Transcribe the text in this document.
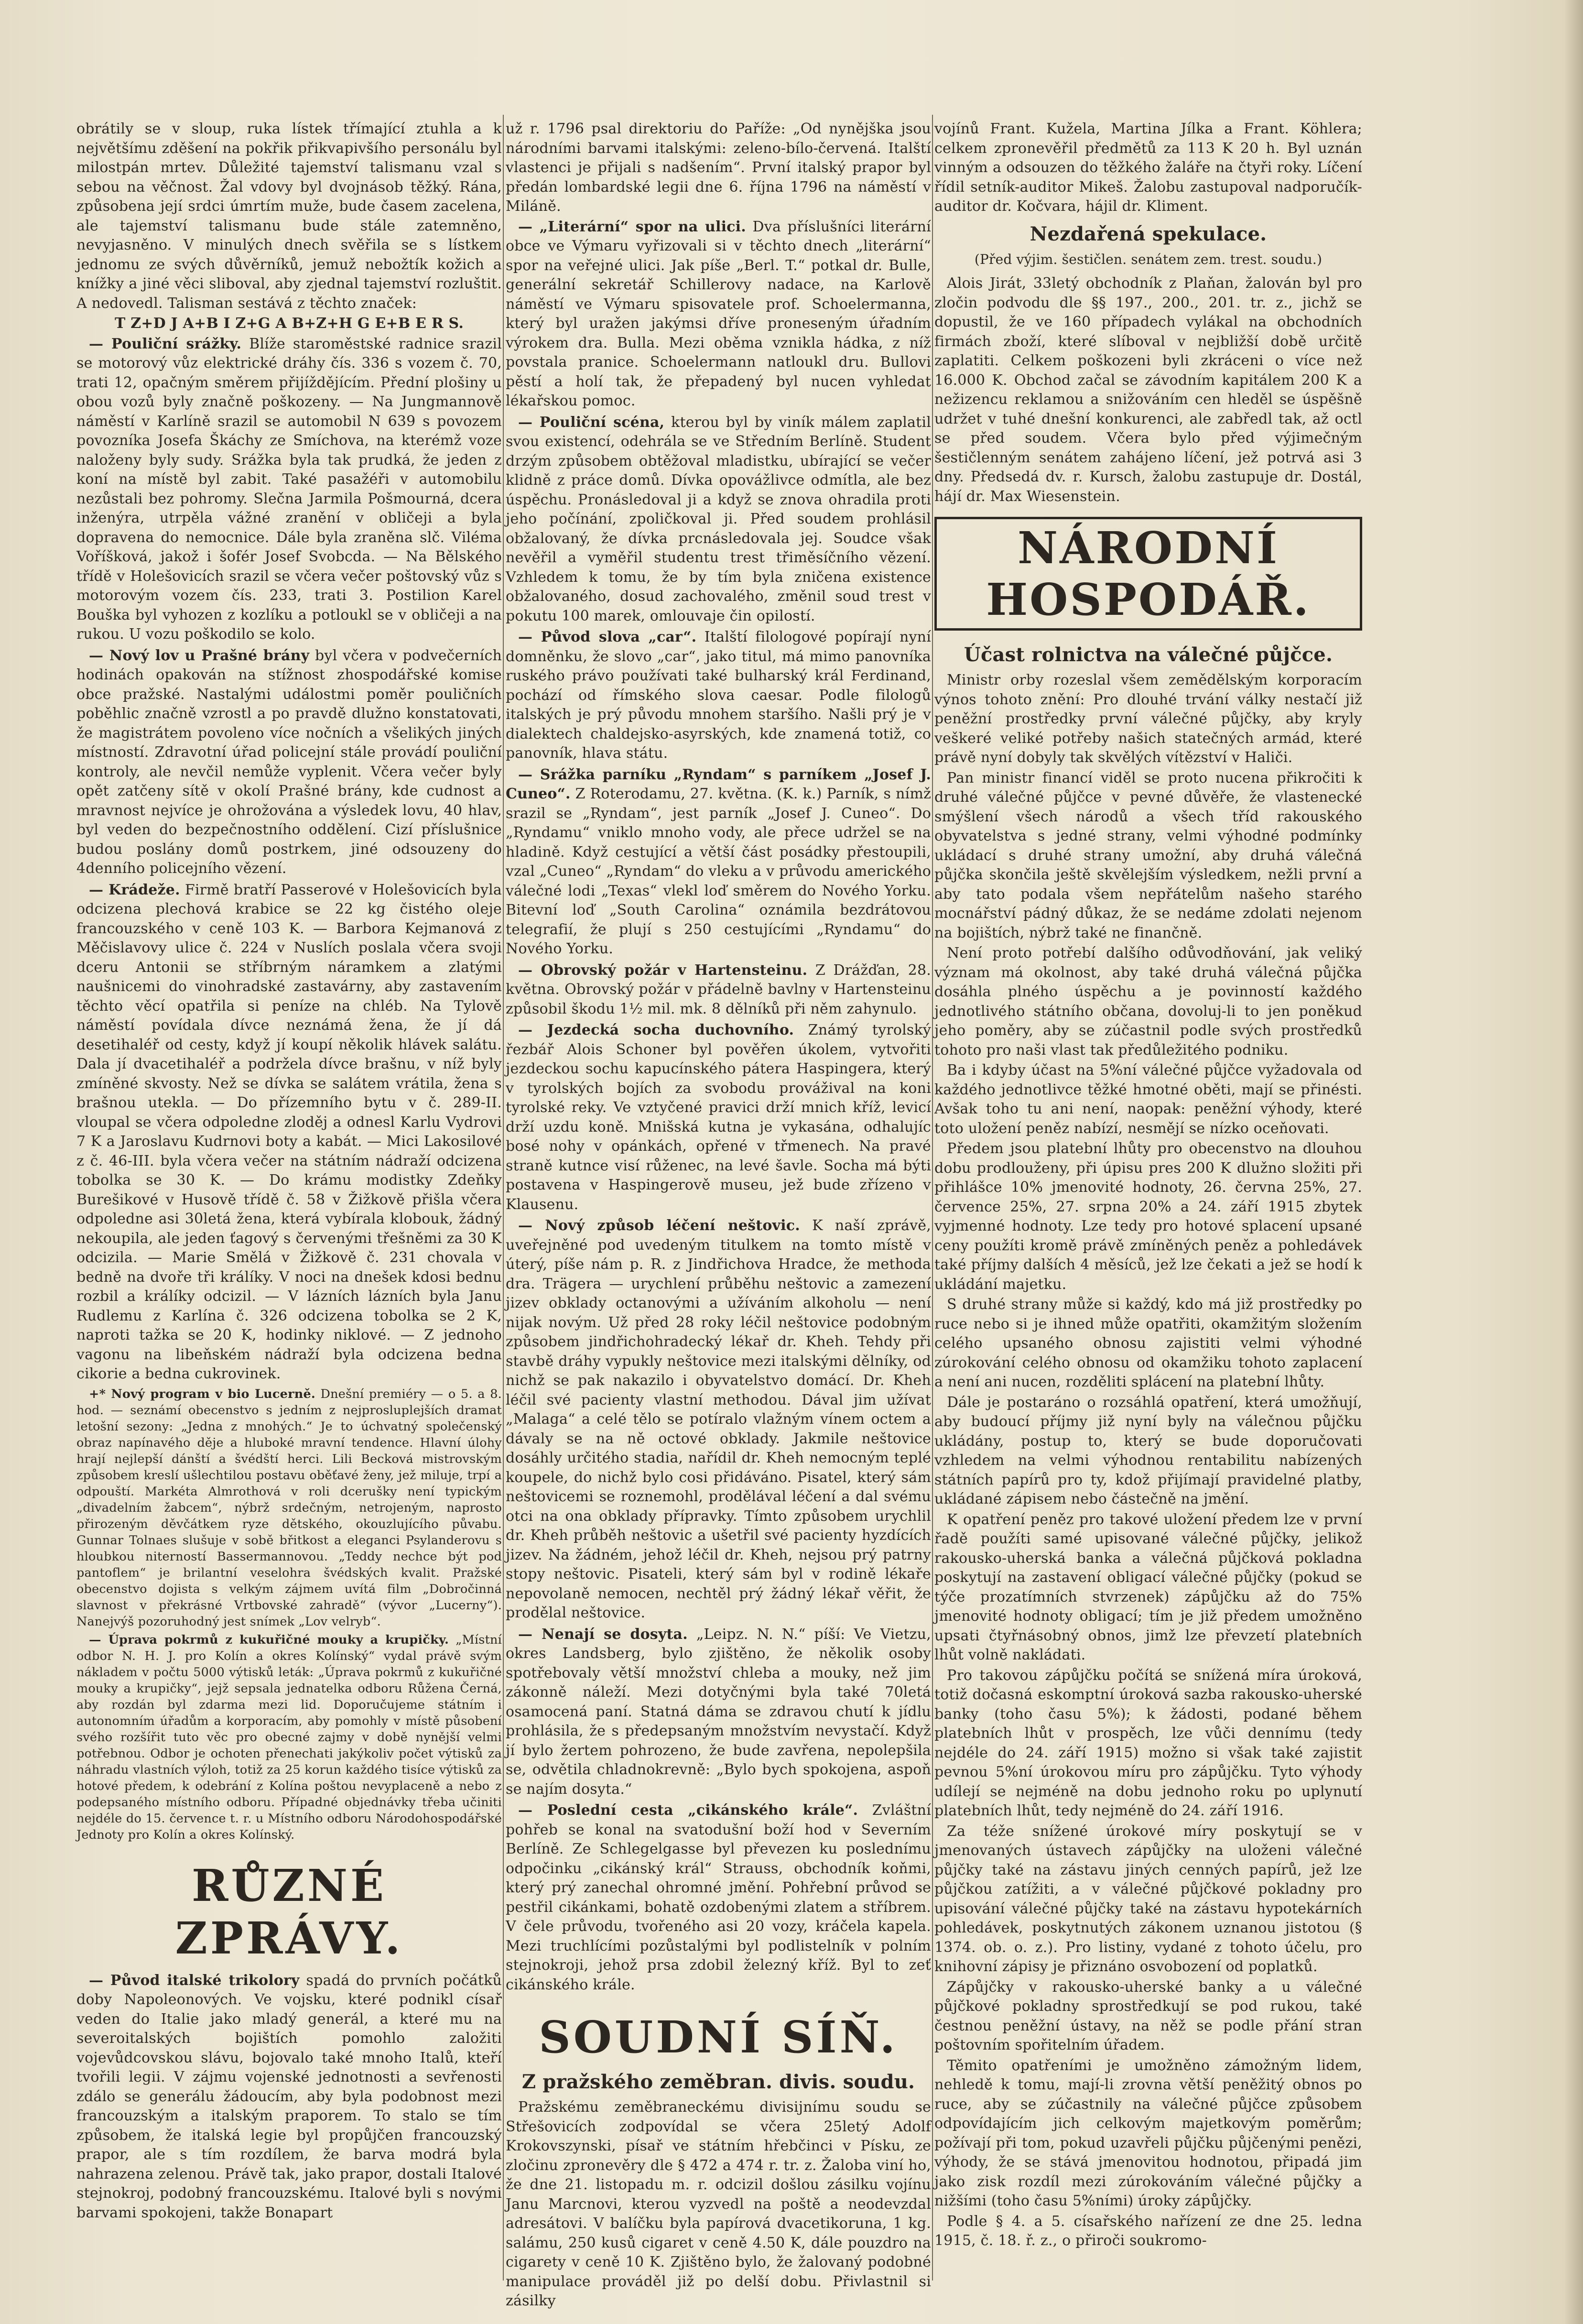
obrátily se v sloup, ruka lístek třímající ztuhla a k největšímu zděšení na pokřik přikvapivšího personálu byl milostpán mrtev. Důležité tajemství talismanu vzal s sebou na věčnost. Žal vdovy byl dvojnásob těžký. Rána, způsobena její srdci úmrtím muže, bude časem zacelena, ale tajemství talismanu bude stále zatemněno, nevyjasněno. V minulých dnech svěřila se s lístkem jednomu ze svých důvěrníků, jemuž nebožtík kožich a knížky a jiné věci sliboval, aby zjednal tajemství rozluštit. A nedovedl. Talisman sestává z těchto značek:

T Z+D J A+B I Z+G A B+Z+H G E+B E R S.

— Pouliční srážky. Blíže staroměstské radnice srazil se motorový vůz elektrické dráhy čís. 336 s vozem č. 70, trati 12, opačným směrem přijíždějícím. Přední plošiny u obou vozů byly značně poškozeny. — Na Jungmannově náměstí v Karlíně srazil se automobil N 639 s povozem povozníka Josefa Škáchy ze Smíchova, na kterémž voze naloženy byly sudy. Srážka byla tak prudká, že jeden z koní na místě byl zabit. Také pasažéři v automobilu nezůstali bez pohromy. Slečna Jarmila Pošmourná, dcera inženýra, utrpěla vážné zranění v obličeji a byla dopravena do nemocnice. Dále byla zraněna slč. Viléma Voříšková, jakož i šofér Josef Svobcda. — Na Bělského třídě v Holešovicích srazil se včera večer poštovský vůz s motorovým vozem čís. 233, trati 3. Postilion Karel Bouška byl vyhozen z kozlíku a potloukl se v obličeji a na rukou. U vozu poškodilo se kolo.

— Nový lov u Prašné brány byl včera v podvečerních hodinách opakován na stížnost zhospodářské komise obce pražské. Nastalými událostmi poměr pouličních poběhlic značně vzrostl a po pravdě dlužno konstatovati, že magistrátem povoleno více nočních a všelikých jiných místností. Zdravotní úřad policejní stále provádí pouliční kontroly, ale nevčil nemůže vyplenit. Včera večer byly opět zatčeny sítě v okolí Prašné brány, kde cudnost a mravnost nejvíce je ohrožována a výsledek lovu, 40 hlav, byl veden do bezpečnostního oddělení. Cizí příslušnice budou poslány domů postrkem, jiné odsouzeny do 4denního policejního vězení.

— Krádeže. Firmě bratří Passerové v Holešovicích byla odcizena plechová krabice se 22 kg čistého oleje francouzského v ceně 103 K. — Barbora Kejmanová z Měčislavovy ulice č. 224 v Nuslích poslala včera svoji dceru Antonii se stříbrným náramkem a zlatými naušnicemi do vinohradské zastavárny, aby zastavením těchto věcí opatřila si peníze na chléb. Na Tylově náměstí povídala dívce neznámá žena, že jí dá desetihaléř od cesty, když jí koupí několik hlávek salátu. Dala jí dvacetihaléř a podržela dívce brašnu, v níž byly zmíněné skvosty. Než se dívka se salátem vrátila, žena s brašnou utekla. — Do přízemního bytu v č. 289-II. vloupal se včera odpoledne zloděj a odnesl Karlu Vydrovi 7 K a Jaroslavu Kudrnovi boty a kabát. — Mici Lakosilové z č. 46-III. byla včera večer na státním nádraží odcizena tobolka se 30 K. — Do krámu modistky Zdeňky Burešikové v Husově třídě č. 58 v Žižkově přišla včera odpoledne asi 30letá žena, která vybírala klobouk, žádný nekoupila, ale jeden ťagový s červenými třešněmi za 30 K odcizila. — Marie Smělá v Žižkově č. 231 chovala v bedně na dvoře tři králíky. V noci na dnešek kdosi bednu rozbil a králíky odcizil. — V lázních lázních byla Janu Rudlemu z Karlína č. 326 odcizena tobolka se 2 K, naproti tažka se 20 K, hodinky niklové. — Z jednoho vagonu na libeňském nádraží byla odcizena bedna cikorie a bedna cukrovinek.

+* Nový program v bio Lucerně. Dnešní premiéry — o 5. a 8. hod. — seznámí obecenstvo s jedním z nejprosluplejších dramat letošní sezony: „Jedna z mnohých.“ Je to úchvatný společenský obraz napínavého děje a hluboké mravní tendence. Hlavní úlohy hrají nejlepší dánští a švédští herci. Lili Becková mistrovským způsobem kreslí ušlechtilou postavu oběťavé ženy, jež miluje, trpí a odpouští. Markéta Almrothová v roli dcerušky není typickým „divadelním žabcem“, nýbrž srdečným, netrojeným, naprosto přirozeným děvčátkem ryze dětského, okouzlujícího půvabu. Gunnar Tolnaes slušuje v sobě břitkost a eleganci Psylanderovu s hloubkou niterností Bassermannovou. „Teddy nechce být pod pantoflem“ je brilantní veselohra švédských kvalit. Pražské obecenstvo dojista s velkým zájmem uvítá film „Dobročinná slavnost v překrásné Vrtbovské zahradě“ (vývor „Lucerny“). Nanejvýš pozoruhodný jest snímek „Lov velryb“.

— Úprava pokrmů z kukuřičné mouky a krupičky. „Místní odbor N. H. J. pro Kolín a okres Kolínský“ vydal právě svým nákladem v počtu 5000 výtisků leták: „Úprava pokrmů z kukuřičné mouky a krupičky“, jejž sepsala jednatelka odboru Růžena Černá, aby rozdán byl zdarma mezi lid. Doporučujeme státním i autonomním úřadům a korporacím, aby pomohly v místě působení svého rozšířit tuto věc pro obecné zajmy v době nynější velmi potřebnou. Odbor je ochoten přenechati jakýkoliv počet výtisků za náhradu vlastních výloh, totiž za 25 korun každého tisíce výtisků za hotové předem, k odebrání z Kolína poštou nevyplaceně a nebo z podepsaného místního odboru. Případné objednávky třeba učiniti nejdéle do 15. července t. r. u Místního odboru Národohospodářské Jednoty pro Kolín a okres Kolínský.

RŮZNÉ ZPRÁVY.

— Původ italské trikolory spadá do prvních počátků doby Napoleonových. Ve vojsku, které podnikl císař veden do Italie jako mladý generál, a které mu na severoitalských bojištích pomohlo založiti vojevůdcovskou slávu, bojovalo také mnoho Italů, kteří tvořili legii. V zájmu vojenské jednotnosti a sevřenosti zdálo se generálu žádoucím, aby byla podobnost mezi francouzským a italským praporem. To stalo se tím způsobem, že italská legie byl propůjčen francouzský prapor, ale s tím rozdílem, že barva modrá byla nahrazena zelenou. Právě tak, jako prapor, dostali Italové stejnokroj, podobný francouzskému. Italové byli s novými barvami spokojeni, takže Bonapart

už r. 1796 psal direktoriu do Paříže: „Od nynějška jsou národními barvami italskými: zeleno-bílo-červená. Italští vlastenci je přijali s nadšením“. První italský prapor byl předán lombardské legii dne 6. října 1796 na náměstí v Miláně.

— „Literární“ spor na ulici. Dva příslušníci literární obce ve Výmaru vyřizovali si v těchto dnech „literární“ spor na veřejné ulici. Jak píše „Berl. T.“ potkal dr. Bulle, generální sekretář Schillerovy nadace, na Karlově náměstí ve Výmaru spisovatele prof. Schoelermanna, který byl uražen jakýmsi dříve proneseným úřadním výrokem dra. Bulla. Mezi oběma vznikla hádka, z níž povstala pranice. Schoelermann natloukl dru. Bullovi pěstí a holí tak, že přepadený byl nucen vyhledat lékařskou pomoc.

— Pouliční scéna, kterou byl by viník málem zaplatil svou existencí, odehrála se ve Středním Berlíně. Student drzým způsobem obtěžoval mladistku, ubírající se večer klidně z práce domů. Dívka opovážlivce odmítla, ale bez úspěchu. Pronásledoval ji a když se znova ohradila proti jeho počínání, zpoličkoval ji. Před soudem prohlásil obžalovaný, že dívka prcnásledovala jej. Soudce však nevěřil a vyměřil studentu trest třiměsíčního vězení. Vzhledem k tomu, že by tím byla zničena existence obžalovaného, dosud zachovalého, změnil soud trest v pokutu 100 marek, omlouvaje čin opilostí.

— Původ slova „car“. Italští filologové popírají nyní domněnku, že slovo „car“, jako titul, má mimo panovníka ruského právo používati také bulharský král Ferdinand, pochází od římského slova caesar. Podle filologů italských je prý původu mnohem staršího. Našli prý je v dialektech chaldejsko-asyrských, kde znamená totiž, co panovník, hlava státu.

— Srážka parníku „Ryndam“ s parníkem „Josef J. Cuneo“. Z Roterodamu, 27. května. (K. k.) Parník, s nímž srazil se „Ryndam“, jest parník „Josef J. Cuneo“. Do „Ryndamu“ vniklo mnoho vody, ale přece udržel se na hladině. Když cestující a větší část posádky přestoupili, vzal „Cuneo“ „Ryndam“ do vleku a v průvodu amerického válečné lodi „Texas“ vlekl loď směrem do Nového Yorku. Bitevní loď „South Carolina“ oznámila bezdrátovou telegrafií, že plují s 250 cestujícími „Ryndamu“ do Nového Yorku.

— Obrovský požár v Hartensteinu. Z Drážďan, 28. května. Obrovský požár v přádelně bavlny v Hartensteinu způsobil škodu 1½ mil. mk. 8 dělníků při něm zahynulo.

— Jezdecká socha duchovního. Známý tyrolský řezbář Alois Schoner byl pověřen úkolem, vytvořiti jezdeckou sochu kapucínského pátera Haspingera, který v tyrolských bojích za svobodu provážival na koni tyrolské reky. Ve vztyčené pravici drží mnich kříž, levicí drží uzdu koně. Mnišská kutna je vykasána, odhalujíc bosé nohy v opánkách, opřené v třmenech. Na pravé straně kutnce visí růženec, na levé šavle. Socha má býti postavena v Haspingerově museu, jež bude zřízeno v Klausenu.

— Nový způsob léčení neštovic. K naší zprávě, uveřejněné pod uvedeným titulkem na tomto místě v úterý, píše nám p. R. z Jindřichova Hradce, že methoda dra. Trägera — urychlení průběhu neštovic a zamezení jizev obklady octanovými a užíváním alkoholu — není nijak novým. Už před 28 roky léčil neštovice podobným způsobem jindřichohradecký lékař dr. Kheh. Tehdy při stavbě dráhy vypukly neštovice mezi italskými dělníky, od nichž se pak nakazilo i obyvatelstvo domácí. Dr. Kheh léčil své pacienty vlastní methodou. Dával jim užívat „Malaga“ a celé tělo se potíralo vlažným vínem octem a dávaly se na ně octové obklady. Jakmile neštovice dosáhly určitého stadia, nařídil dr. Kheh nemocným teplé koupele, do nichž bylo cosi přidáváno. Pisatel, který sám neštovicemi se roznemohl, prodělával léčení a dal svému otci na ona obklady přípravky. Tímto způsobem urychlil dr. Kheh průběh neštovic a ušetřil své pacienty hyzdících jizev. Na žádném, jehož léčil dr. Kheh, nejsou prý patrny stopy neštovic. Pisateli, který sám byl v rodině lékaře nepovolaně nemocen, nechtěl prý žádný lékař věřit, že prodělal neštovice.

— Nenají se dosyta. „Leipz. N. N.“ píší: Ve Vietzu, okres Landsberg, bylo zjištěno, že několik osoby spotřebovaly větší množství chleba a mouky, než jim zákonně náleží. Mezi dotyčnými byla také 70letá osamocená paní. Statná dáma se zdravou chutí k jídlu prohlásila, že s předepsaným množstvím nevystačí. Když jí bylo žertem pohrozeno, že bude zavřena, nepolepšila se, odvětila chladnokrevně: „Bylo bych spokojena, aspoň se najím dosyta.“

— Poslední cesta „cikánského krále“. Zvláštní pohřeb se konal na svatodušní boží hod v Severním Berlíně. Ze Schlegelgasse byl převezen ku poslednímu odpočinku „cikánský král“ Strauss, obchodník koňmi, který prý zanechal ohromné jmění. Pohřební průvod se pestřil cikánkami, bohatě ozdobenými zlatem a stříbrem. V čele průvodu, tvořeného asi 20 vozy, kráčela kapela. Mezi truchlícími pozůstalými byl podlistelník v polním stejnokroji, jehož prsa zdobil železný kříž. Byl to zeť cikánského krále.

SOUDNÍ SÍŇ.
Z pražského zeměbran. divis. soudu.

Pražskému zeměbraneckému divisijnímu soudu se Střešovicích zodpovídal se včera 25letý Adolf Krokovszynski, písař ve státním hřebčinci v Písku, ze zločinu zpronevěry dle § 472 a 474 r. tr. z. Žaloba viní ho, že dne 21. listopadu m. r. odcizil došlou zásilku vojínu Janu Marcnovi, kterou vyzvedl na poště a neodevzdal adresátovi. V balíčku byla papírová dvacetikoruna, 1 kg. salámu, 250 kusů cigaret v ceně 4.50 K, dále pouzdro na cigarety v ceně 10 K. Zjištěno bylo, že žalovaný podobné manipulace prováděl již po delší dobu. Přivlastnil si zásilky

vojínů Frant. Kužela, Martina Jílka a Frant. Köhlera; celkem zpronevěřil předmětů za 113 K 20 h. Byl uznán vinným a odsouzen do těžkého žaláře na čtyři roky. Líčení řídil setník-auditor Mikeš. Žalobu zastupoval nadporučík-auditor dr. Kočvara, hájil dr. Kliment.

Nezdařená spekulace.
(Před výjim. šestičlen. senátem zem. trest. soudu.)

Alois Jirát, 33letý obchodník z Plaňan, žalován byl pro zločin podvodu dle §§ 197., 200., 201. tr. z., jichž se dopustil, že ve 160 případech vylákal na obchodních firmách zboží, které slíboval v nejbližší době určitě zaplatiti. Celkem poškozeni byli zkráceni o více než 16.000 K. Obchod začal se závodním kapitálem 200 K a nežizencu reklamou a snižováním cen hleděl se úspěšně udržet v tuhé dnešní konkurenci, ale zabředl tak, až octl se před soudem. Včera bylo před výjimečným šestičlenným senátem zahájeno líčení, jež potrvá asi 3 dny. Předsedá dv. r. Kursch, žalobu zastupuje dr. Dostál, hájí dr. Max Wiesenstein.

NÁRODNÍ HOSPODÁŘ.
Účast rolnictva na válečné půjčce.

Ministr orby rozeslal všem zemědělským korporacím výnos tohoto znění: Pro dlouhé trvání války nestačí již peněžní prostředky první válečné půjčky, aby kryly veškeré veliké potřeby našich statečných armád, které právě nyní dobyly tak skvělých vítězství v Haliči.

Pan ministr financí viděl se proto nucena přikročiti k druhé válečné půjčce v pevné důvěře, že vlastenecké smýšlení všech národů a všech tříd rakouského obyvatelstva s jedné strany, velmi výhodné podmínky ukládací s druhé strany umožní, aby druhá válečná půjčka skončila ještě skvělejším výsledkem, nežli první a aby tato podala všem nepřátelům našeho starého mocnářství pádný důkaz, že se nedáme zdolati nejenom na bojištích, nýbrž také ne finančně.

Není proto potřebí dalšího odůvodňování, jak veliký význam má okolnost, aby také druhá válečná půjčka dosáhla plného úspěchu a je povinností každého jednotlivého státního občana, dovoluj-li to jen poněkud jeho poměry, aby se zúčastnil podle svých prostředků tohoto pro naši vlast tak předůležitého podniku.

Ba i kdyby účast na 5%ní válečné půjčce vyžadovala od každého jednotlivce těžké hmotné oběti, mají se přinésti. Avšak toho tu ani není, naopak: peněžní výhody, které toto uložení peněz nabízí, nesmějí se nízko oceňovati.

Předem jsou platební lhůty pro obecenstvo na dlouhou dobu prodlouženy, při úpisu pres 200 K dlužno složiti při přihlášce 10% jmenovité hodnoty, 26. června 25%, 27. července 25%, 27. srpna 20% a 24. září 1915 zbytek vyjmenné hodnoty. Lze tedy pro hotové splacení upsané ceny použíti kromě právě zmíněných peněz a pohledávek také příjmy dalších 4 měsíců, jež lze čekati a jež se hodí k ukládání majetku.

S druhé strany může si každý, kdo má již prostředky po ruce nebo si je ihned může opatřiti, okamžitým složením celého upsaného obnosu zajistiti velmi výhodné zúrokování celého obnosu od okamžiku tohoto zaplacení a není ani nucen, rozděliti splácení na platební lhůty.

Dále je postaráno o rozsáhlá opatření, která umožňují, aby budoucí příjmy již nyní byly na válečnou půjčku ukládány, postup to, který se bude doporučovati vzhledem na velmi výhodnou rentabilitu nabízených státních papírů pro ty, kdož přijímají pravidelné platby, ukládané zápisem nebo částečně na jmění.

K opatření peněz pro takové uložení předem lze v první řadě použíti samé upisované válečné půjčky, jelikož rakousko-uherská banka a válečná půjčková pokladna poskytují na zastavení obligací válečné půjčky (pokud se týče prozatímních stvrzenek) zápůjčku až do 75% jmenovité hodnoty obligací; tím je již předem umožněno upsati čtyřnásobný obnos, jimž lze převzetí platebních lhůt volně nakládati.

Pro takovou zápůjčku počítá se snížená míra úroková, totiž dočasná eskomptní úroková sazba rakousko-uherské banky (toho času 5%); k žádosti, podané během platebních lhůt v prospěch, lze vůči dennímu (tedy nejdéle do 24. září 1915) možno si však také zajistit pevnou 5%ní úrokovou míru pro zápůjčku. Tyto výhody udílejí se nejméně na dobu jednoho roku po uplynutí platebních lhůt, tedy nejméně do 24. září 1916.

Za téže snížené úrokové míry poskytují se v jmenovaných ústavech zápůjčky na uloženi válečné půjčky také na zástavu jiných cenných papírů, jež lze půjčkou zatížiti, a v válečné půjčkové pokladny pro upisování válečné půjčky také na zástavu hypotekárních pohledávek, poskytnutých zákonem uznanou jistotou (§ 1374. ob. o. z.). Pro listiny, vydané z tohoto účelu, pro knihovní zápisy je přiznáno osvobození od poplatků.

Zápůjčky v rakousko-uherské banky a u válečné půjčkové pokladny sprostředkují se pod rukou, také čestnou peněžní ústavy, na něž se podle přání stran poštovním spořitelním úřadem.

Těmito opatřeními je umožněno zámožným lidem, nehledě k tomu, mají-li zrovna větší peněžitý obnos po ruce, aby se zúčastnily na válečné půjčce způsobem odpovídajícím jich celkovým majetkovým poměrům; požívají při tom, pokud uzavřeli půjčku půjčenými penězi, výhody, že se stává jmenovitou hodnotou, připadá jim jako zisk rozdíl mezi zúrokováním válečné půjčky a nižšími (toho času 5%ními) úroky zápůjčky.

Podle § 4. a 5. císařského nařízení ze dne 25. ledna 1915, č. 18. ř. z., o přiroči soukromo-
